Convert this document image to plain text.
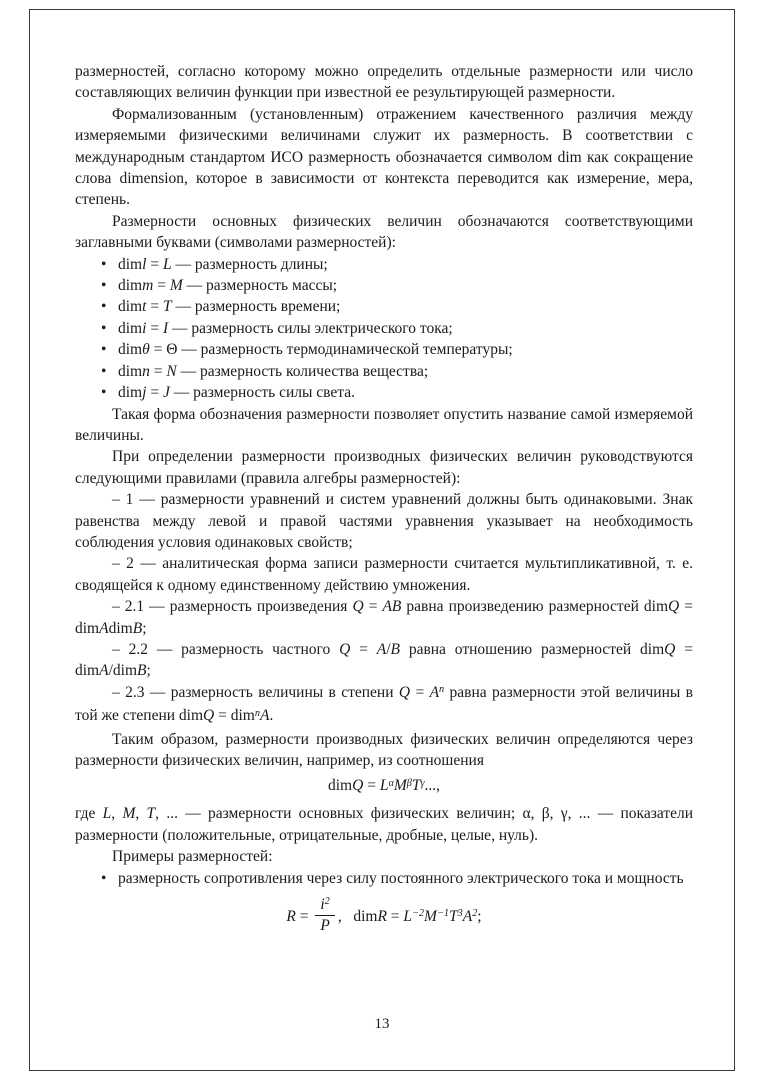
размерностей, согласно которому можно определить отдельные размерности или число составляющих величин функции при известной ее результирующей размерности.

Формализованным (установленным) отражением качественного различия между измеряемыми физическими величинами служит их размерность. В соответствии с международным стандартом ИСО размерность обозначается символом dim как сокращение слова dimension, которое в зависимости от контекста переводится как измерение, мера, степень.

Размерности основных физических величин обозначаются соответствующими заглавными буквами (символами размерностей):

• diml = L — размерность длины;
• dimm = M — размерность массы;
• dimt = T — размерность времени;
• dimi = I — размерность силы электрического тока;
• dimθ = Θ — размерность термодинамической температуры;
• dimn = N — размерность количества вещества;
• dimj = J — размерность силы света.

Такая форма обозначения размерности позволяет опустить название самой измеряемой величины.

При определении размерности производных физических величин руководствуются следующими правилами (правила алгебры размерностей):

– 1 — размерности уравнений и систем уравнений должны быть одинаковыми. Знак равенства между левой и правой частями уравнения указывает на необходимость соблюдения условия одинаковых свойств;

– 2 — аналитическая форма записи размерности считается мультипликативной, т. е. сводящейся к одному единственному действию умножения.

– 2.1 — размерность произведения Q = AB равна произведению размерностей dimQ = dimAdimB;

– 2.2 — размерность частного Q = A/B равна отношению размерностей dimQ = dimA/dimB;

– 2.3 — размерность величины в степени $Q = A^n$ равна размерности этой величины в той же степени dimQ = dim$^n$A.

Таким образом, размерности производных физических величин определяются через размерности физических величин, например, из соотношения

dimQ = $L^\alpha M^\beta T^\gamma$...,

где L, M, T, ... — размерности основных физических величин; α, β, γ, ... — показатели размерности (положительные, отрицательные, дробные, целые, нуль).

Примеры размерностей:

• размерность сопротивления через силу постоянного электрического тока и мощность

$R = \frac{i^2}{P}$ ,   dimR = $L^{-2}M^{-1}T^3A^2$;

13
